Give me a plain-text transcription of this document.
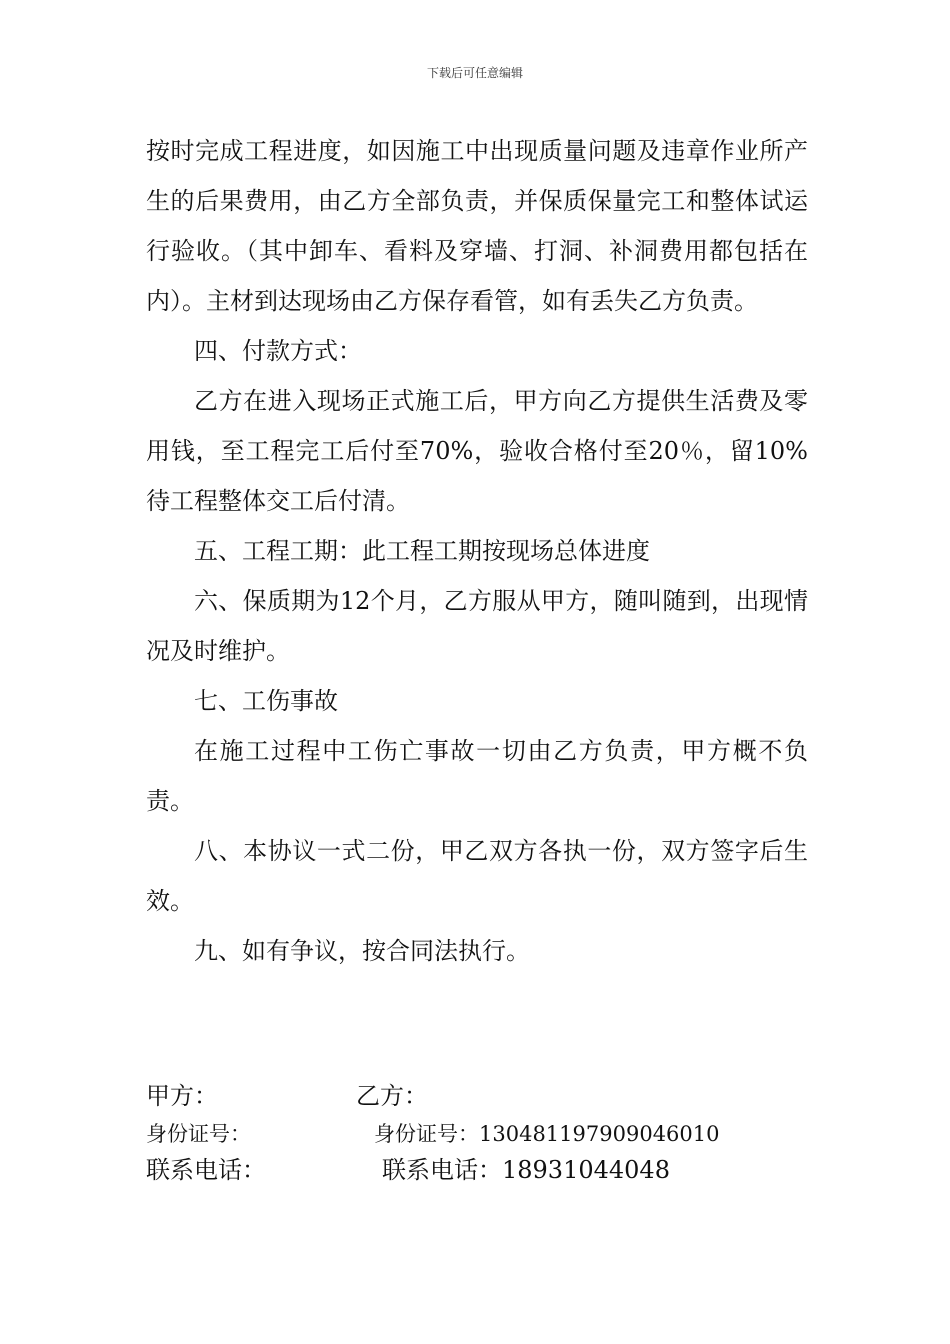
下载后可任意编辑

按时完成工程进度，如因施工中出现质量问题及违章作业所产生的后果费用，由乙方全部负责，并保质保量完工和整体试运行验收。（其中卸车、看料及穿墙、打洞、补洞费用都包括在内）。主材到达现场由乙方保存看管，如有丢失乙方负责。

四、付款方式：

乙方在进入现场正式施工后，甲方向乙方提供生活费及零用钱，至工程完工后付至70%，验收合格付至20％，留10%待工程整体交工后付清。

五、工程工期：此工程工期按现场总体进度

六、保质期为12个月，乙方服从甲方，随叫随到，出现情况及时维护。

七、工伤事故

在施工过程中工伤亡事故一切由乙方负责，甲方概不负责。

八、本协议一式二份，甲乙双方各执一份，双方签字后生效。

九、如有争议，按合同法执行。

甲方：	乙方：
身份证号：	身份证号：130481197909046010
联系电话：	联系电话：18931044048
